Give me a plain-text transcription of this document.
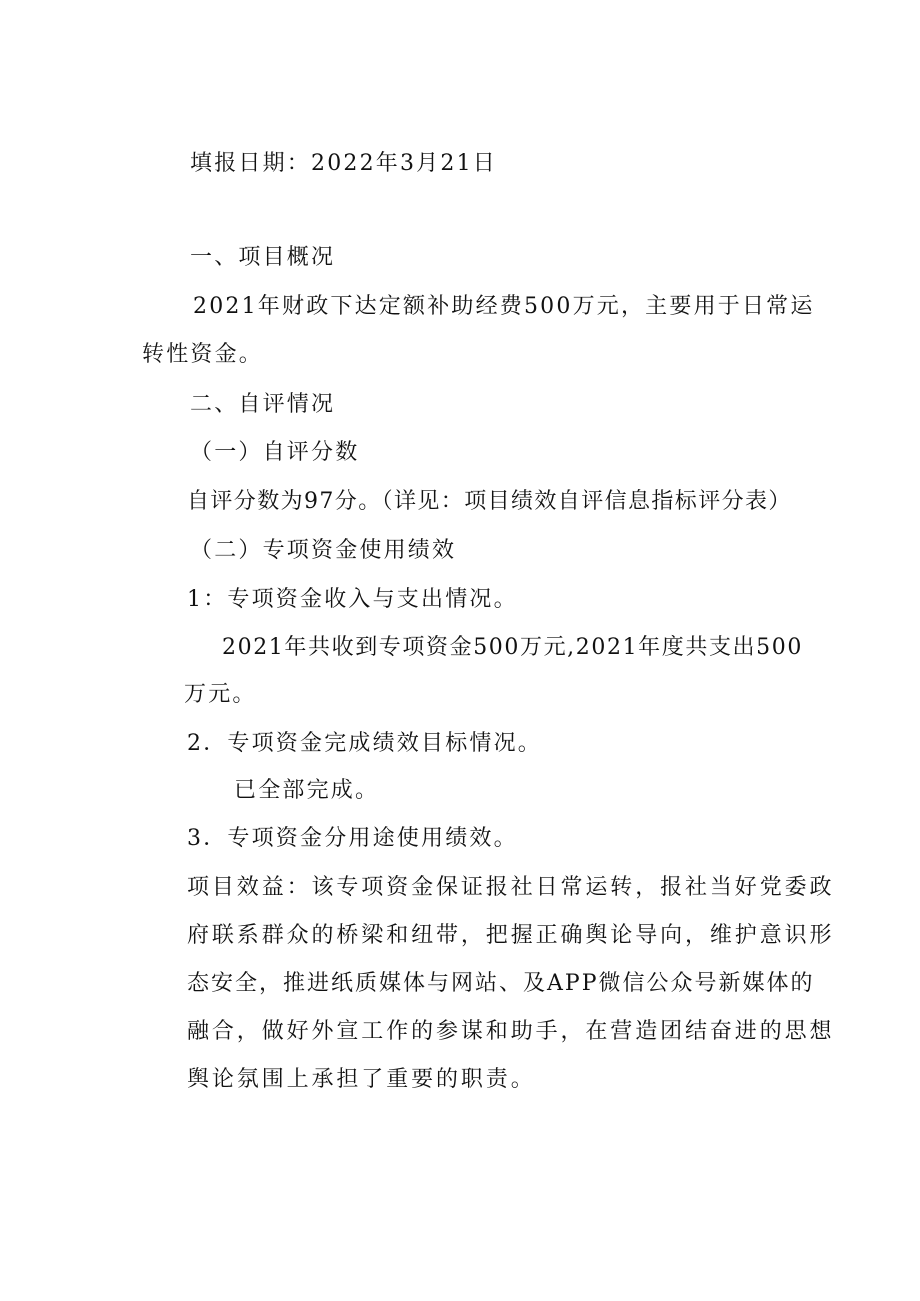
填报日期：2022年3月21日
一、项目概况
2021年财政下达定额补助经费500万元，主要用于日常运
转性资金。
二、自评情况
（一）自评分数
自评分数为97分。（详见：项目绩效自评信息指标评分表）
（二）专项资金使用绩效
1：专项资金收入与支出情况。
2021年共收到专项资金500万元,2021年度共支出500
万元。
2．专项资金完成绩效目标情况。
已全部完成。
3．专项资金分用途使用绩效。
项目效益：该专项资金保证报社日常运转，报社当好党委政
府联系群众的桥梁和纽带，把握正确舆论导向，维护意识形
态安全，推进纸质媒体与网站、及APP微信公众号新媒体的
融合，做好外宣工作的参谋和助手，在营造团结奋进的思想
舆论氛围上承担了重要的职责。
